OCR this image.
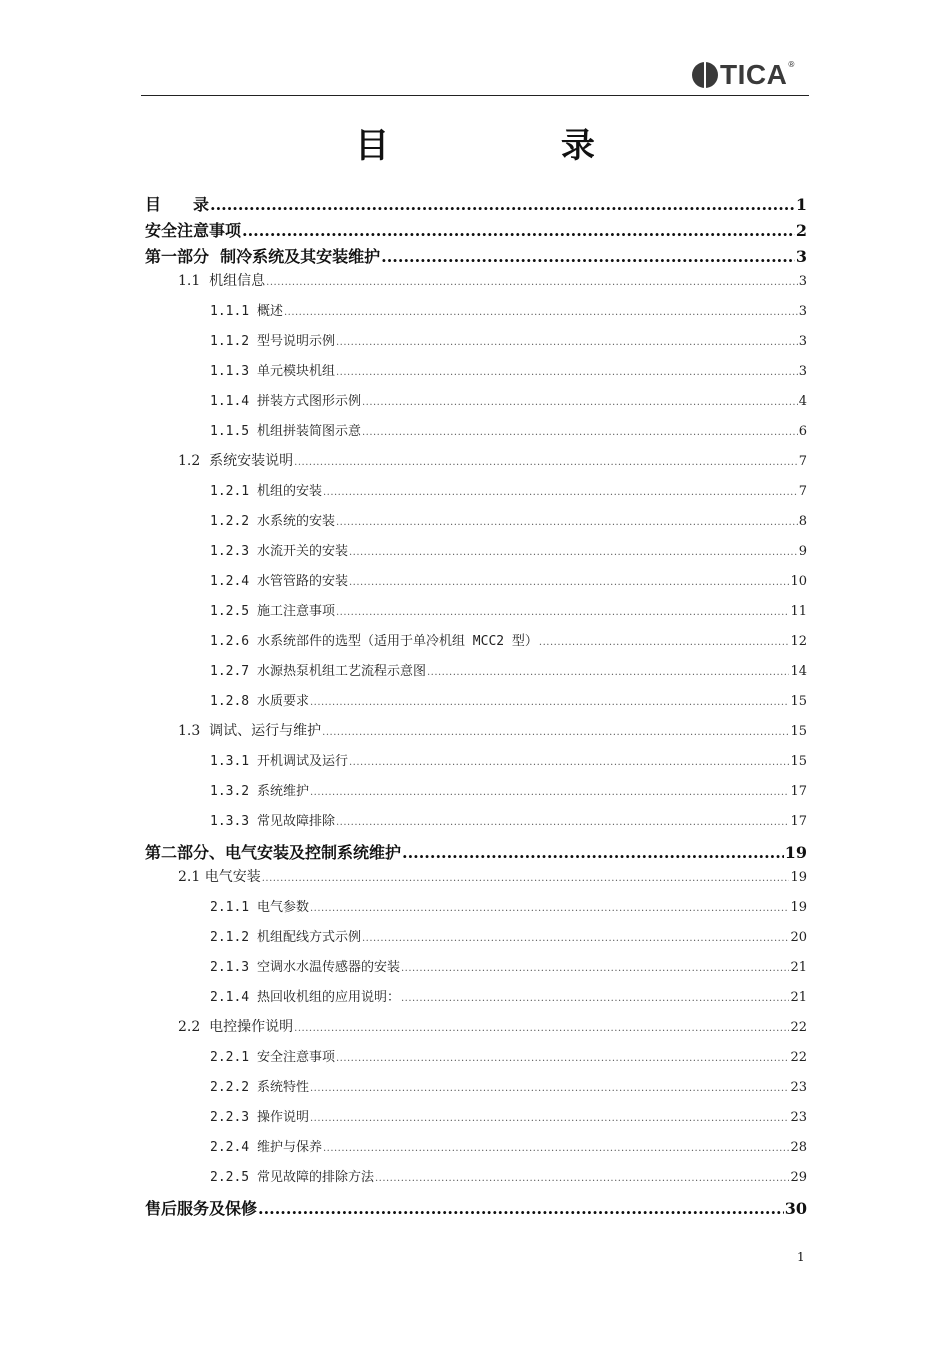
TICA ®
目 录
目　　录 .....	1
安全注意事项 .....	2
第一部分  制冷系统及其安装维护 .....	3
1.1  机组信息 .....	3
1.1.1 概述 .....	3
1.1.2 型号说明示例 .....	3
1.1.3 单元模块机组 .....	3
1.1.4 拼装方式图形示例 .....	4
1.1.5 机组拼装简图示意 .....	6
1.2  系统安装说明 .....	7
1.2.1 机组的安装 .....	7
1.2.2 水系统的安装 .....	8
1.2.3 水流开关的安装 .....	9
1.2.4 水管管路的安装 .....	10
1.2.5 施工注意事项 .....	11
1.2.6 水系统部件的选型（适用于单冷机组 MCC2 型） .....	12
1.2.7 水源热泵机组工艺流程示意图 .....	14
1.2.8 水质要求 .....	15
1.3  调试、运行与维护 .....	15
1.3.1 开机调试及运行 .....	15
1.3.2 系统维护 .....	17
1.3.3 常见故障排除 .....	17
第二部分、电气安装及控制系统维护 .....	19
2.1 电气安装 .....	19
2.1.1 电气参数 .....	19
2.1.2 机组配线方式示例 .....	20
2.1.3 空调水水温传感器的安装 .....	21
2.1.4 热回收机组的应用说明： .....	21
2.2  电控操作说明 .....	22
2.2.1 安全注意事项 .....	22
2.2.2 系统特性 .....	23
2.2.3 操作说明 .....	23
2.2.4 维护与保养 .....	28
2.2.5 常见故障的排除方法 .....	29
售后服务及保修 .....	30
1
